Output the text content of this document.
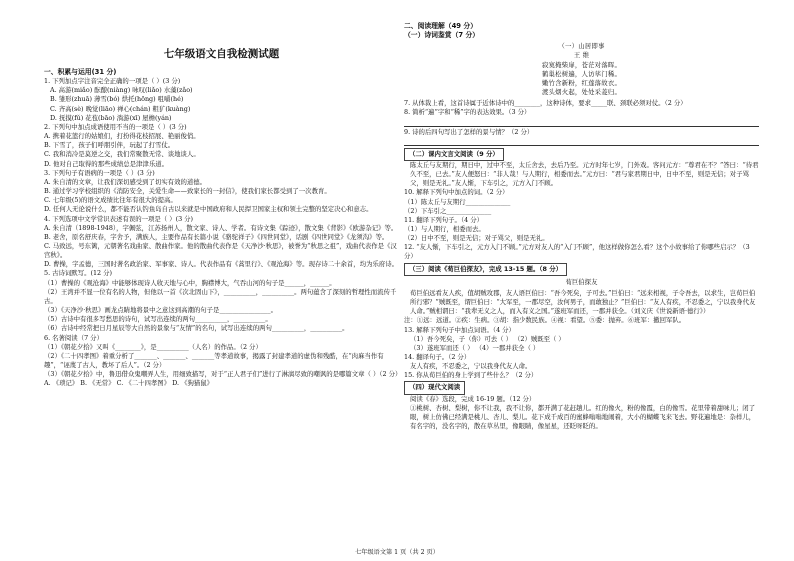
七年级语文自我检测试题
一、积累与运用(31 分)
1. 下列加点字注音完全正确的一项是（ ）(3 分)
A. 高游(miǎo) 酝酿(niàng) 咏叹(liǎo) 水藻(zǎo)
B. 雏形(zhuā) 薄雪(bó) 烘托(hōng) 咀嚼(hé)
C. 齐高(sè) 晚觉(liāo) 禅心(chán) 粗犷(kuàng)
D. 抚摸(fǔ) 花苞(bāo) 淌游(xī) 屋檐(yán)
2. 下列句中加点成语使用不当的一项是（ ）(3 分)
A. 携着花篮行的姑娘们，打扮得花枝招展、艳丽俊俏。
B. 下雪了，孩子们呼朋引伴，玩起了打雪仗。
C. 我和消冷是莫逆之交，我们常聚散无常、谈地谈人。
D. 他对自己取得的那些成绩总是津津乐道。
3. 下列句子有语病的一项是（ ）(3 分)
A. 朱自清的文章，让我们深切感受到了切实有效的道德。
B. 通过学习学校组织的《消防安全，关爱生命——致家长的一封信》，使我们家长都受到了一次教育。
C. 七年级(5)的语文成绩比往年有很大的提高。
D. 任何人无论说什么，都不能否认钓鱼岛自古以来就是中国政府和人民捍卫国家主权和领土完整的坚定决心和意志。
4. 下列选项中文学常识表述有误的一项是（ ）(3 分)
A. 朱自清（1898-1948），字佩弦，江苏扬州人，散文家、诗人、学者。有诗文集《踪迹》，散文集《背影》《欧游杂记》等。
B. 老舍，原名舒庆春，字舍予，满族人，主要作品有长篇小说《骆驼祥子》《四世同堂》，话剧《四世同堂》《龙须沟》等。
C. 马致远，号东篱，元朝著名戏曲家、散曲作家。他的散曲代表作是《天净沙·秋思》，被誉为“秋思之祖”，戏曲代表作是《汉宫秋》。
D. 曹操，字孟德，三国时著名政治家、军事家、诗人。代表作品有《蒿里行》、《观沧海》等。现存诗二十余首，均为乐府诗。
5. 古诗词默写。(12 分)
（1）曹操的《观沧海》中能够体现诗人收天地与心中，胸襟博大，气吞山河的句子是______，______。
（2）王湾并不显一位有名的人物，但他以一首《次北固山下》，__________，__________。两句蕴含了深刻的哲理性而流传千古。
（3）《天净沙·秋思》画龙点睛地将景中之意这到高潮的句子是________________。
（5）古诗中有很多写愁思的诗句，试写出连续的两句__________，__________。
（6）古诗中经常把日月星辰等大自然的景象与“友情”的名句，试写出连续的两句__________，__________。
6. 名著阅读（7 分）
（1）《朝花夕拾》又叫《________》，是__________（人名）的作品。（2 分）
（2）《二十四孝图》着重分析了_______、_______、_______等孝道故事，揭露了封建孝道的虚伪和残酷，在“肉麻当作有趣”，“诬蔑了古人，教坏了后人”。（2 分）
（3）《朝花夕拾》中，鲁迅借众鬼嘲弄人生，用细致描写，对于“正人君子们”进行了淋漓尽致的嘲讽的是哪篇文章（ ）（2 分）
A. 《琐记》 B. 《无常》 C. 《二十四孝图》 D. 《狗猫鼠》
二、阅读理解（49 分）
（一）诗词鉴赏（7 分）
（一）山居即事
王 维
寂寞掩柴扉，苍茫对落晖。
鹤巢松树遍，人访荜门稀。
嫩竹含新粉，红莲落故衣。
渡头烟火起，处处采菱归。
7. 从体裁上看，这首诗属于近体诗中的________，这种诗体，要求_____联、颈联必须对仗。（2 分）
8. 简析“遍”字和“稀”字的表达效果。（3 分）
9. 诗的后四句写出了怎样的景与情？（2 分）
（二）课内文言文阅读（9 分）
陈太丘与友期行，期日中，过中不至，太丘舍去，去后乃至。元方时年七岁，门外戏。客问元方：“尊君在不？”答曰：“待君久不至，已去。”友人便怒曰：“非人哉！与人期行，相委而去。”元方曰：“君与家君期日中，日中不至，则是无信；对子骂父，则是无礼。”友人惭，下车引之，元方入门不顾。
10. 解释下列句中加点的词。（2 分）
（1）陈太丘与友期行______________
（2）下车引之______________
11. 翻译下列句子。（4 分）
（1）与人期行，相委而去。
（2）日中不至，则是无信；对子骂父，则是无礼。
12. “友人惭，下车引之，元方入门不顾。”元方对友人的“入门不顾”，他这样做你怎么看？这个小故事给了你哪些启示？（3 分）
（三）阅读《荀巨伯探友》，完成 13-15 题。（8 分）
荀巨伯探友
荀巨伯远看友人疾，值胡贼攻郡，友人语巨伯曰：“吾今死矣，子可去。”巨伯曰：“远来相视，子令吾去，以求生，岂荀巨伯所行邪？”贼既至，谓巨伯曰：“大军至，一郡尽空，汝何男子，而敢独止？”巨伯曰：“友人有疾，不忍委之，宁以我身代友人命。”贼相谓曰：“我辈无义之人，而入有义之国。”遂班军而还，一郡并获全。（刘义庆《世说新语·德行》）
注：①远：远道。②疾：生病。③胡：指少数民族。④视：看望。⑤委：抛弃。⑥班军：撤回军队。
13. 解释下列句子中加点词语。（4 分）
（1）吾今死矣，子（你）可去（ ） （2）贼既至（ ）
（3）遂班军而还（ ） （4）一郡并获全（ ）
14. 翻译句子。（2 分）
友人有疾，不忍委之，宁以我身代友人命。
15. 你从荀巨伯的身上学到了些什么？（2 分）
（四）现代文阅读
阅读《春》选段，完成 16-19 题。（12 分）
①桃树、杏树、梨树，你不让我，我不让你，都开满了花赶趟儿。红的像火，粉的像霞，白的像雪。花里带着甜味儿；闭了眼，树上仿佛已经满是桃儿、杏儿、梨儿。花下成千成百的蜜蜂嗡嗡地闹着，大小的蝴蝶飞来飞去。野花遍地是：杂样儿，有名字的，没名字的，散在草丛里，像眼睛，像星星，还眨呀眨的。
七年级语文第 1 页（共 2 页）
